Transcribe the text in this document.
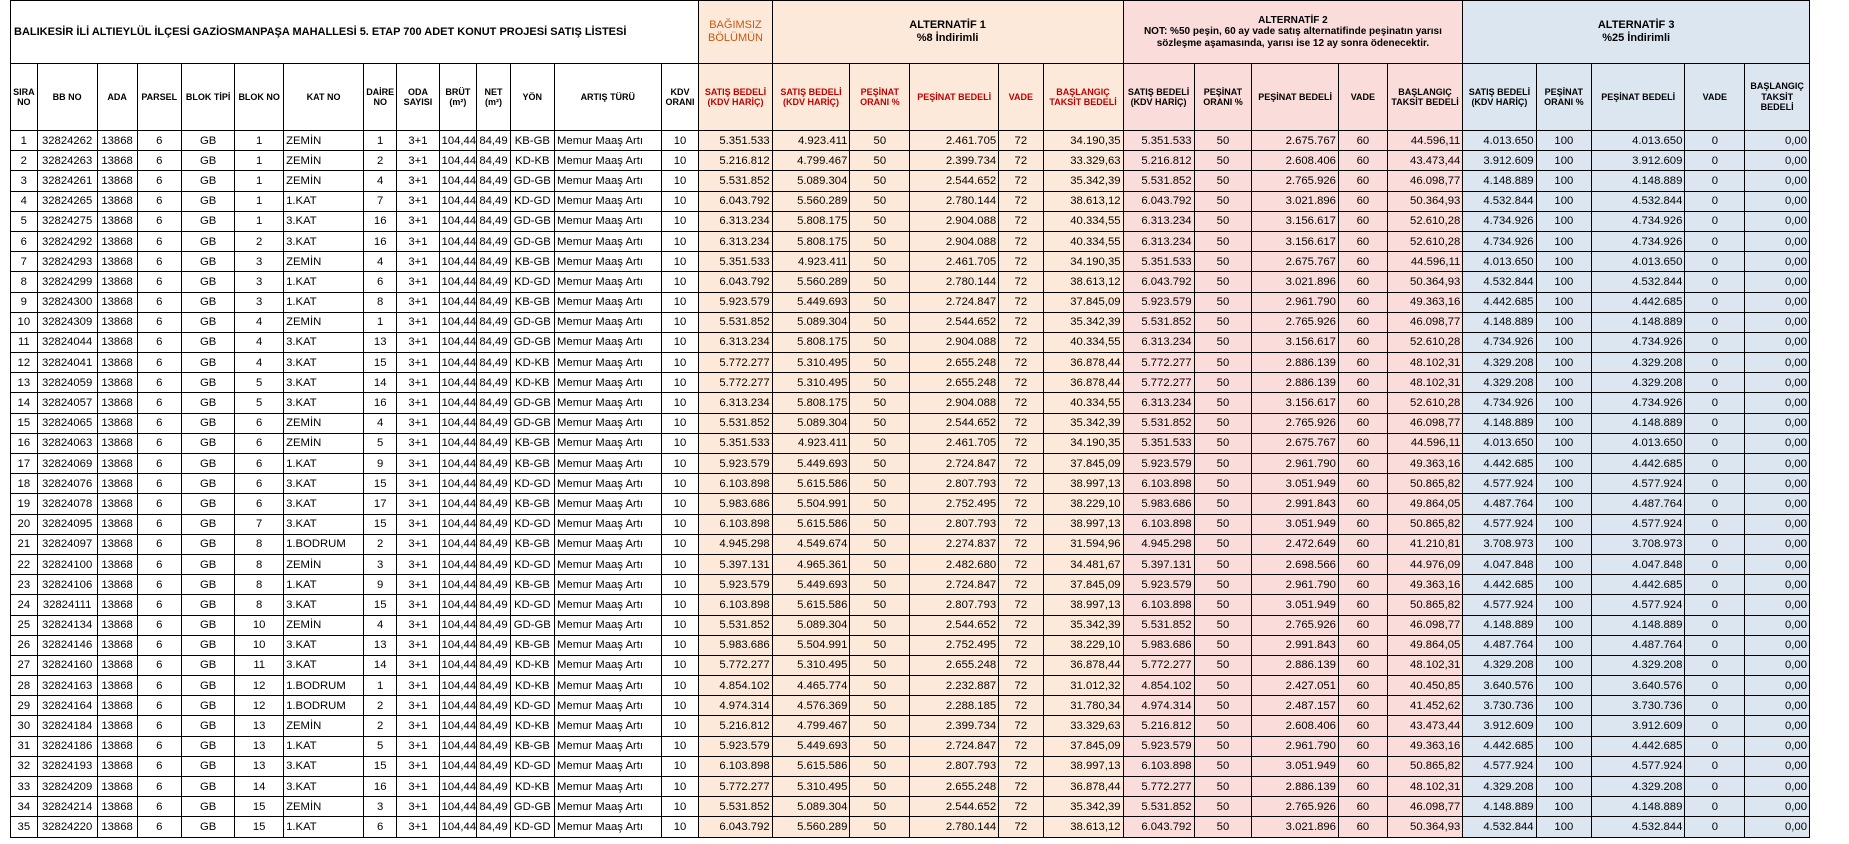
BALIKESİR İLİ ALTIEYLÜL İLÇESİ GAZİOSMANPAŞA MAHALLESİ 5. ETAP 700 ADET KONUT PROJESİ SATIŞ LİSTESİ														BAĞIMSIZ BÖLÜMÜN	ALTERNATİF 1
%8 İndirimli					ALTERNATİF 2
NOT: %50 peşin, 60 ay vade satış alternatifinde peşinatın yarısı sözleşme aşamasında, yarısı ise 12 ay sonra ödenecektir.					ALTERNATİF 3
%25 İndirimli				
SIRA NO	BB NO	ADA	PARSEL	BLOK TİPİ	BLOK NO	KAT NO	DAİRE NO	ODA SAYISI	BRÜT (m²)	NET (m²)	YÖN	ARTIŞ TÜRÜ	KDV ORANI	SATIŞ BEDELİ (KDV HARİÇ)	SATIŞ BEDELİ (KDV HARİÇ)	PEŞİNAT ORANI %	PEŞİNAT BEDELİ	VADE	BAŞLANGIÇ TAKSİT BEDELİ	SATIŞ BEDELİ (KDV HARİÇ)	PEŞİNAT ORANI %	PEŞİNAT BEDELİ	VADE	BAŞLANGIÇ TAKSİT BEDELİ	SATIŞ BEDELİ (KDV HARİÇ)	PEŞİNAT ORANI %	PEŞİNAT BEDELİ	VADE	BAŞLANGIÇ TAKSİT BEDELİ
1	32824262	13868	6	GB	1	ZEMİN	1	3+1	104,44	84,49	KB-GB	Memur Maaş Artı	10	5.351.533	4.923.411	50	2.461.705	72	34.190,35	5.351.533	50	2.675.767	60	44.596,11	4.013.650	100	4.013.650	0	0,00
2	32824263	13868	6	GB	1	ZEMİN	2	3+1	104,44	84,49	KD-KB	Memur Maaş Artı	10	5.216.812	4.799.467	50	2.399.734	72	33.329,63	5.216.812	50	2.608.406	60	43.473,44	3.912.609	100	3.912.609	0	0,00
3	32824261	13868	6	GB	1	ZEMİN	4	3+1	104,44	84,49	GD-GB	Memur Maaş Artı	10	5.531.852	5.089.304	50	2.544.652	72	35.342,39	5.531.852	50	2.765.926	60	46.098,77	4.148.889	100	4.148.889	0	0,00
4	32824265	13868	6	GB	1	1.KAT	7	3+1	104,44	84,49	KD-GD	Memur Maaş Artı	10	6.043.792	5.560.289	50	2.780.144	72	38.613,12	6.043.792	50	3.021.896	60	50.364,93	4.532.844	100	4.532.844	0	0,00
5	32824275	13868	6	GB	1	3.KAT	16	3+1	104,44	84,49	GD-GB	Memur Maaş Artı	10	6.313.234	5.808.175	50	2.904.088	72	40.334,55	6.313.234	50	3.156.617	60	52.610,28	4.734.926	100	4.734.926	0	0,00
6	32824292	13868	6	GB	2	3.KAT	16	3+1	104,44	84,49	GD-GB	Memur Maaş Artı	10	6.313.234	5.808.175	50	2.904.088	72	40.334,55	6.313.234	50	3.156.617	60	52.610,28	4.734.926	100	4.734.926	0	0,00
7	32824293	13868	6	GB	3	ZEMİN	4	3+1	104,44	84,49	KB-GB	Memur Maaş Artı	10	5.351.533	4.923.411	50	2.461.705	72	34.190,35	5.351.533	50	2.675.767	60	44.596,11	4.013.650	100	4.013.650	0	0,00
8	32824299	13868	6	GB	3	1.KAT	6	3+1	104,44	84,49	KD-GD	Memur Maaş Artı	10	6.043.792	5.560.289	50	2.780.144	72	38.613,12	6.043.792	50	3.021.896	60	50.364,93	4.532.844	100	4.532.844	0	0,00
9	32824300	13868	6	GB	3	1.KAT	8	3+1	104,44	84,49	KB-GB	Memur Maaş Artı	10	5.923.579	5.449.693	50	2.724.847	72	37.845,09	5.923.579	50	2.961.790	60	49.363,16	4.442.685	100	4.442.685	0	0,00
10	32824309	13868	6	GB	4	ZEMİN	1	3+1	104,44	84,49	GD-GB	Memur Maaş Artı	10	5.531.852	5.089.304	50	2.544.652	72	35.342,39	5.531.852	50	2.765.926	60	46.098,77	4.148.889	100	4.148.889	0	0,00
11	32824044	13868	6	GB	4	3.KAT	13	3+1	104,44	84,49	GD-GB	Memur Maaş Artı	10	6.313.234	5.808.175	50	2.904.088	72	40.334,55	6.313.234	50	3.156.617	60	52.610,28	4.734.926	100	4.734.926	0	0,00
12	32824041	13868	6	GB	4	3.KAT	15	3+1	104,44	84,49	KD-KB	Memur Maaş Artı	10	5.772.277	5.310.495	50	2.655.248	72	36.878,44	5.772.277	50	2.886.139	60	48.102,31	4.329.208	100	4.329.208	0	0,00
13	32824059	13868	6	GB	5	3.KAT	14	3+1	104,44	84,49	KD-KB	Memur Maaş Artı	10	5.772.277	5.310.495	50	2.655.248	72	36.878,44	5.772.277	50	2.886.139	60	48.102,31	4.329.208	100	4.329.208	0	0,00
14	32824057	13868	6	GB	5	3.KAT	16	3+1	104,44	84,49	GD-GB	Memur Maaş Artı	10	6.313.234	5.808.175	50	2.904.088	72	40.334,55	6.313.234	50	3.156.617	60	52.610,28	4.734.926	100	4.734.926	0	0,00
15	32824065	13868	6	GB	6	ZEMİN	4	3+1	104,44	84,49	GD-GB	Memur Maaş Artı	10	5.531.852	5.089.304	50	2.544.652	72	35.342,39	5.531.852	50	2.765.926	60	46.098,77	4.148.889	100	4.148.889	0	0,00
16	32824063	13868	6	GB	6	ZEMİN	5	3+1	104,44	84,49	KB-GB	Memur Maaş Artı	10	5.351.533	4.923.411	50	2.461.705	72	34.190,35	5.351.533	50	2.675.767	60	44.596,11	4.013.650	100	4.013.650	0	0,00
17	32824069	13868	6	GB	6	1.KAT	9	3+1	104,44	84,49	KB-GB	Memur Maaş Artı	10	5.923.579	5.449.693	50	2.724.847	72	37.845,09	5.923.579	50	2.961.790	60	49.363,16	4.442.685	100	4.442.685	0	0,00
18	32824076	13868	6	GB	6	3.KAT	15	3+1	104,44	84,49	KD-GD	Memur Maaş Artı	10	6.103.898	5.615.586	50	2.807.793	72	38.997,13	6.103.898	50	3.051.949	60	50.865,82	4.577.924	100	4.577.924	0	0,00
19	32824078	13868	6	GB	6	3.KAT	17	3+1	104,44	84,49	KB-GB	Memur Maaş Artı	10	5.983.686	5.504.991	50	2.752.495	72	38.229,10	5.983.686	50	2.991.843	60	49.864,05	4.487.764	100	4.487.764	0	0,00
20	32824095	13868	6	GB	7	3.KAT	15	3+1	104,44	84,49	KD-GD	Memur Maaş Artı	10	6.103.898	5.615.586	50	2.807.793	72	38.997,13	6.103.898	50	3.051.949	60	50.865,82	4.577.924	100	4.577.924	0	0,00
21	32824097	13868	6	GB	8	1.BODRUM	2	3+1	104,44	84,49	KB-GB	Memur Maaş Artı	10	4.945.298	4.549.674	50	2.274.837	72	31.594,96	4.945.298	50	2.472.649	60	41.210,81	3.708.973	100	3.708.973	0	0,00
22	32824100	13868	6	GB	8	ZEMİN	3	3+1	104,44	84,49	KD-GD	Memur Maaş Artı	10	5.397.131	4.965.361	50	2.482.680	72	34.481,67	5.397.131	50	2.698.566	60	44.976,09	4.047.848	100	4.047.848	0	0,00
23	32824106	13868	6	GB	8	1.KAT	9	3+1	104,44	84,49	KB-GB	Memur Maaş Artı	10	5.923.579	5.449.693	50	2.724.847	72	37.845,09	5.923.579	50	2.961.790	60	49.363,16	4.442.685	100	4.442.685	0	0,00
24	32824111	13868	6	GB	8	3.KAT	15	3+1	104,44	84,49	KD-GD	Memur Maaş Artı	10	6.103.898	5.615.586	50	2.807.793	72	38.997,13	6.103.898	50	3.051.949	60	50.865,82	4.577.924	100	4.577.924	0	0,00
25	32824134	13868	6	GB	10	ZEMİN	4	3+1	104,44	84,49	GD-GB	Memur Maaş Artı	10	5.531.852	5.089.304	50	2.544.652	72	35.342,39	5.531.852	50	2.765.926	60	46.098,77	4.148.889	100	4.148.889	0	0,00
26	32824146	13868	6	GB	10	3.KAT	13	3+1	104,44	84,49	KB-GB	Memur Maaş Artı	10	5.983.686	5.504.991	50	2.752.495	72	38.229,10	5.983.686	50	2.991.843	60	49.864,05	4.487.764	100	4.487.764	0	0,00
27	32824160	13868	6	GB	11	3.KAT	14	3+1	104,44	84,49	KD-KB	Memur Maaş Artı	10	5.772.277	5.310.495	50	2.655.248	72	36.878,44	5.772.277	50	2.886.139	60	48.102,31	4.329.208	100	4.329.208	0	0,00
28	32824163	13868	6	GB	12	1.BODRUM	1	3+1	104,44	84,49	KD-KB	Memur Maaş Artı	10	4.854.102	4.465.774	50	2.232.887	72	31.012,32	4.854.102	50	2.427.051	60	40.450,85	3.640.576	100	3.640.576	0	0,00
29	32824164	13868	6	GB	12	1.BODRUM	2	3+1	104,44	84,49	KD-GD	Memur Maaş Artı	10	4.974.314	4.576.369	50	2.288.185	72	31.780,34	4.974.314	50	2.487.157	60	41.452,62	3.730.736	100	3.730.736	0	0,00
30	32824184	13868	6	GB	13	ZEMİN	2	3+1	104,44	84,49	KD-KB	Memur Maaş Artı	10	5.216.812	4.799.467	50	2.399.734	72	33.329,63	5.216.812	50	2.608.406	60	43.473,44	3.912.609	100	3.912.609	0	0,00
31	32824186	13868	6	GB	13	1.KAT	5	3+1	104,44	84,49	KB-GB	Memur Maaş Artı	10	5.923.579	5.449.693	50	2.724.847	72	37.845,09	5.923.579	50	2.961.790	60	49.363,16	4.442.685	100	4.442.685	0	0,00
32	32824193	13868	6	GB	13	3.KAT	15	3+1	104,44	84,49	KD-GD	Memur Maaş Artı	10	6.103.898	5.615.586	50	2.807.793	72	38.997,13	6.103.898	50	3.051.949	60	50.865,82	4.577.924	100	4.577.924	0	0,00
33	32824209	13868	6	GB	14	3.KAT	16	3+1	104,44	84,49	KD-KB	Memur Maaş Artı	10	5.772.277	5.310.495	50	2.655.248	72	36.878,44	5.772.277	50	2.886.139	60	48.102,31	4.329.208	100	4.329.208	0	0,00
34	32824214	13868	6	GB	15	ZEMİN	3	3+1	104,44	84,49	GD-GB	Memur Maaş Artı	10	5.531.852	5.089.304	50	2.544.652	72	35.342,39	5.531.852	50	2.765.926	60	46.098,77	4.148.889	100	4.148.889	0	0,00
35	32824220	13868	6	GB	15	1.KAT	6	3+1	104,44	84,49	KD-GD	Memur Maaş Artı	10	6.043.792	5.560.289	50	2.780.144	72	38.613,12	6.043.792	50	3.021.896	60	50.364,93	4.532.844	100	4.532.844	0	0,00
